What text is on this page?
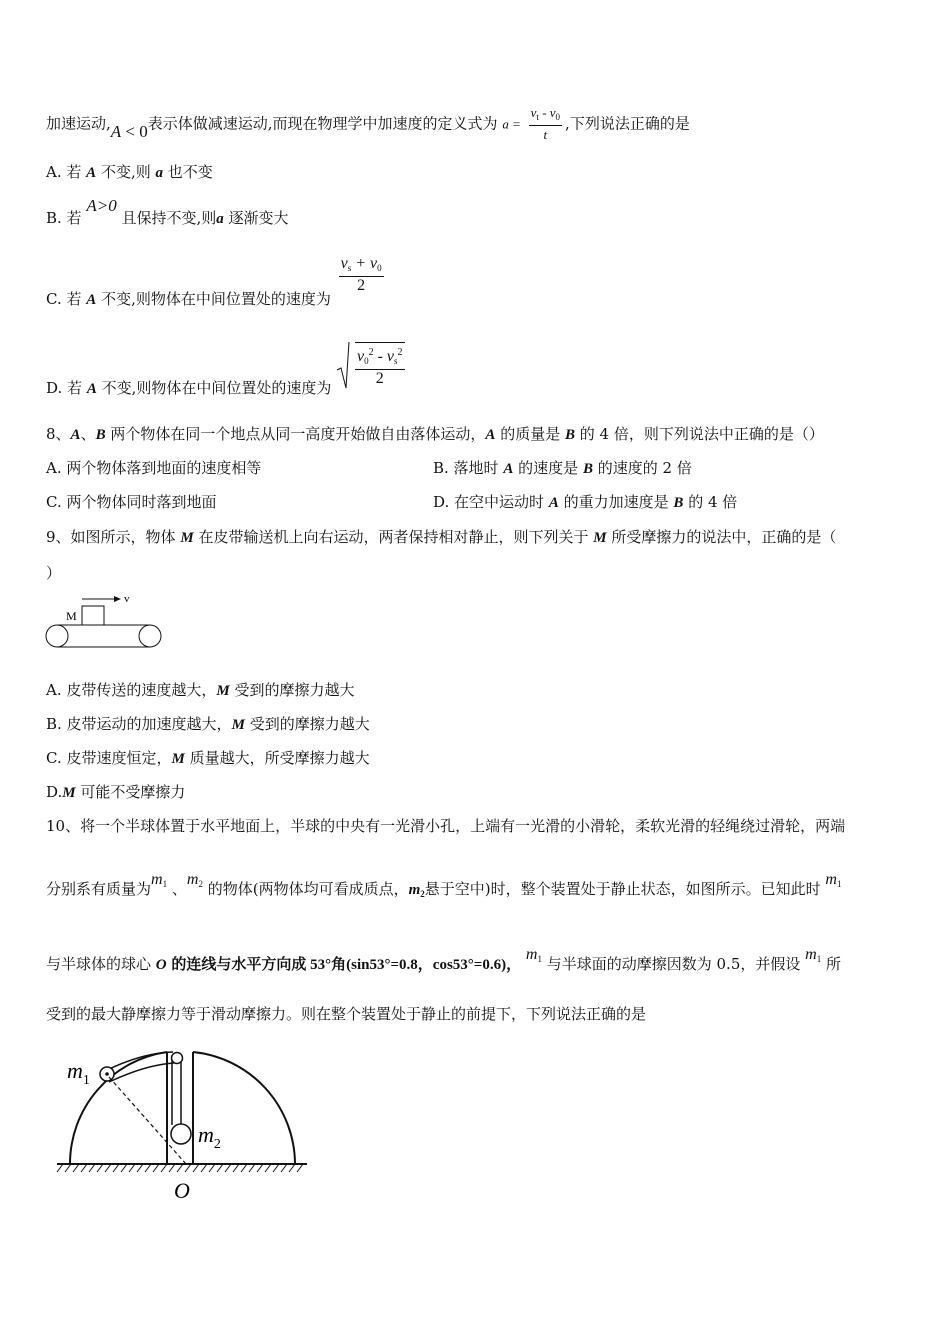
加速运动,A < 0表示体做减速运动,而现在物理学中加速度的定义式为 $a = \frac{v_t - v_0}{t}$ ,下列说法正确的是
A. 若 A 不变,则 a 也不变
B. 若 A>0 且保持不变,则a 逐渐变大
C. 若 A 不变,则物体在中间位置处的速度为
$\frac{v_s + v_0}{2}$
D. 若 A 不变,则物体在中间位置处的速度为 $\frac{v_0^2 - v_s^2}{2}$
8、A、B 两个物体在同一个地点从同一高度开始做自由落体运动，A 的质量是 B 的 4 倍，则下列说法中正确的是（）
A. 两个物体落到地面的速度相等	B. 落地时 A 的速度是 B 的速度的 2 倍
C. 两个物体同时落到地面	D. 在空中运动时 A 的重力加速度是 B 的 4 倍
9、如图所示，物体 M 在皮带输送机上向右运动，两者保持相对静止，则下列关于 M 所受摩擦力的说法中，正确的是（
）
v
M
A. 皮带传送的速度越大，M 受到的摩擦力越大
B. 皮带运动的加速度越大，M 受到的摩擦力越大
C. 皮带速度恒定，M 质量越大，所受摩擦力越大
D.M 可能不受摩擦力
10、将一个半球体置于水平地面上，半球的中央有一光滑小孔，上端有一光滑的小滑轮，柔软光滑的轻绳绕过滑轮，两端
分别系有质量为$m_1$ 、$m_2$ 的物体(两物体均可看成质点，$m_2$悬于空中)时，整个装置处于静止状态，如图所示。已知此时 $m_1$
与半球体的球心 O 的连线与水平方向成 53°角(sin53°=0.8，cos53°=0.6)， $m_1$ 与半球面的动摩擦因数为 0.5，并假设 $m_1$ 所
受到的最大静摩擦力等于滑动摩擦力。则在整个装置处于静止的前提下，下列说法正确的是
$m_1$
$m_2$
O
